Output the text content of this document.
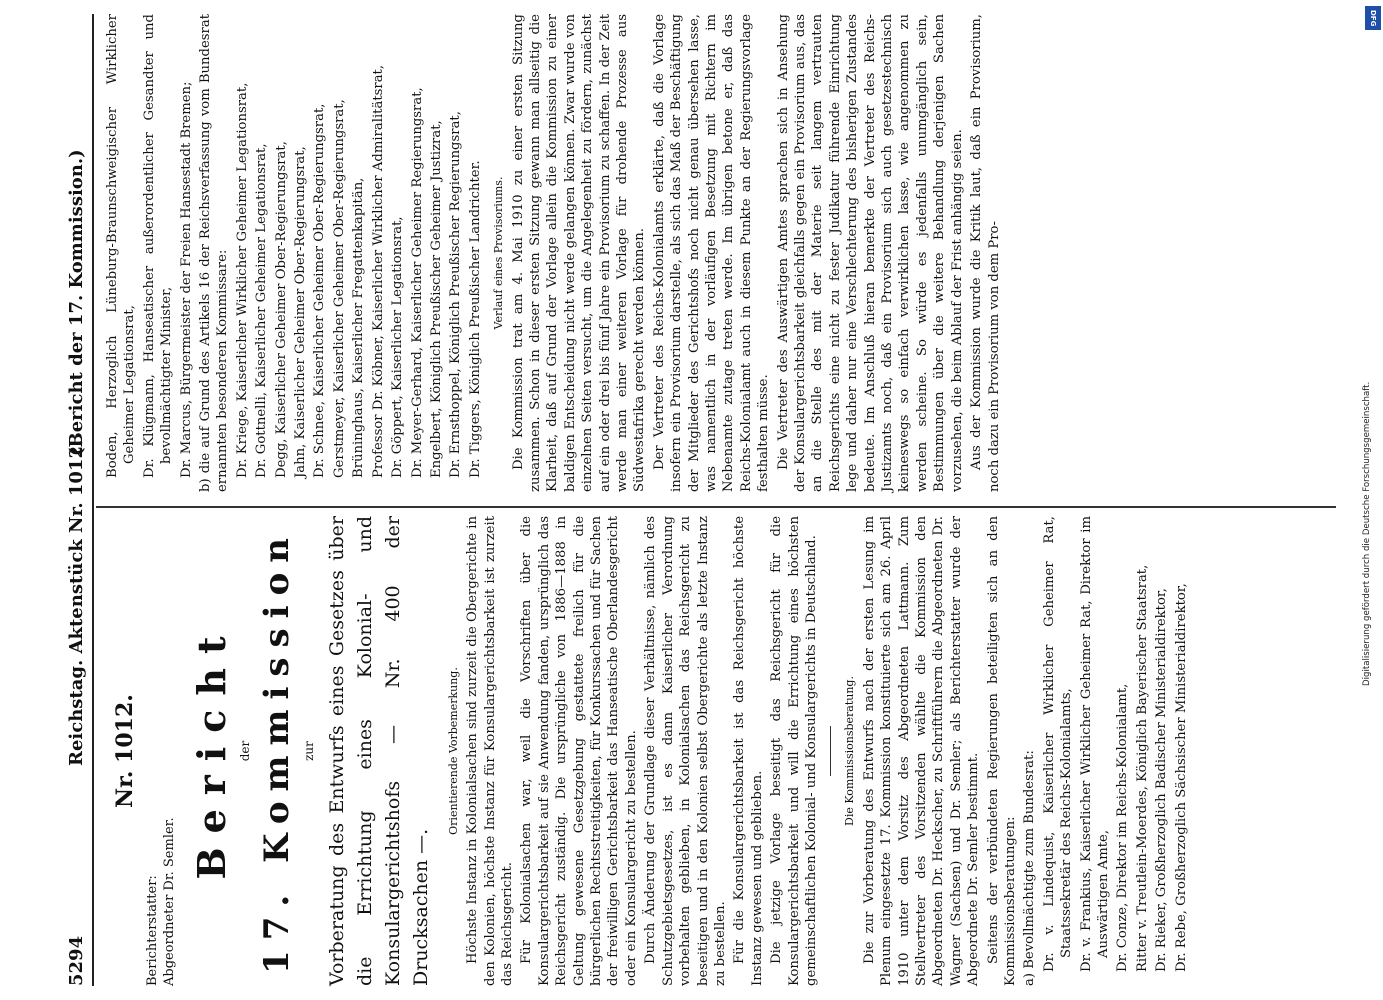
5294
Reichstag. Aktenstück Nr. 1012.
(Bericht der 17. Kommission.)
Nr. 1012.
Berichterstatter: Abgeordneter Dr. Semler.
Bericht der 17. Kommission zur Vorberatung des Entwurfs eines Gesetzes über die Errichtung eines Kolonial- und Konsulargerichtshofs — Nr. 400 der Drucksachen —.
Orientierende Vorbemerkung. Höchste Instanz in Kolonialsachen sind zurzeit die Obergerichte in den Kolonien, höchste Instanz für Konsulargerichtsbarkeit ist zurzeit das Reichsgericht. Für Kolonialsachen war, weil die Vorschriften über die Konsulargerichtsbarkeit auf sie Anwendung fanden, ursprünglich das Reichsgericht zuständig. Die ursprüngliche von 1886—1888 in Geltung gewesene Gesetzgebung gestattete freilich für die bürgerlichen Rechtsstreitigkeiten, für Konkurssachen und für Sachen der freiwilligen Gerichtsbarkeit das Hanseatische Oberlandesgericht oder ein Konsulargericht zu bestellen. Durch Änderung der Grundlage dieser Verhältnisse, nämlich des Schutzgebietsgesetzes, ist es dann Kaiserlicher Verordnung vorbehalten geblieben, in Kolonialsachen das Reichsgericht zu beseitigen und in den Kolonien selbst Obergerichte als letzte Instanz zu bestellen. Für die Konsulargerichtsbarkeit ist das Reichsgericht höchste Instanz gewesen und geblieben. Die jetzige Vorlage beseitigt das Reichsgericht für die Konsulargerichtsbarkeit und will die Errichtung eines höchsten gemeinschaftlichen Kolonial- und Konsulargerichts in Deutschland. Die Kommissionsberatung. Die zur Vorberatung des Entwurfs nach der ersten Lesung im Plenum eingesetzte 17. Kommission konstituierte sich am 26. April 1910 unter dem Vorsitz des Abgeordneten Lattmann. Zum Stellvertreter des Vorsitzenden wählte die Kommission den Abgeordneten Dr. Heckscher, zu Schriftführern die Abgeordneten Dr. Wagner (Sachsen) und Dr. Semler; als Berichterstatter wurde der Abgeordnete Dr. Semler bestimmt. Seitens der verbündeten Regierungen beteiligten sich an den Kommissionsberatungen: a) Bevollmächtigte zum Bundesrat: Dr. v. Lindequist, Kaiserlicher Wirklicher Geheimer Rat, Staatssekretär des Reichs-Kolonialamts, Dr. v. Frankius, Kaiserlicher Wirklicher Geheimer Rat, Direktor im Auswärtigen Amte, Dr. Conze, Direktor im Reichs-Kolonialamt, Ritter v. Treutlein-Moerdes, Königlich Bayerischer Staatsrat, Dr. Rieker, Großherzoglich Badischer Ministerialdirektor, Dr. Rebe, Großherzoglich Sächsischer Ministerialdirektor,

Boden, Herzoglich Lüneburg-Braunschweigischer Wirklicher Geheimer Legationsrat, Dr. Klügmann, Hanseatischer außerordentlicher Gesandter und bevollmächtigter Minister, Dr. Marcus, Bürgermeister der Freien Hansestadt Bremen; b) die auf Grund des Artikels 16 der Reichsverfassung vom Bundesrat ernannten besonderen Kommissare: Dr. Kriege, Kaiserlicher Wirklicher Geheimer Legationsrat, Dr. Gottnelli, Kaiserlicher Geheimer Legationsrat, Degg, Kaiserlicher Geheimer Ober-Regierungsrat, Jahn, Kaiserlicher Geheimer Ober-Regierungsrat, Dr. Schnee, Kaiserlicher Geheimer Ober-Regierungsrat, Gerstmeyer, Kaiserlicher Geheimer Ober-Regierungsrat, Brüninghaus, Kaiserlicher Fregattenkapitän, Professor Dr. Köbner, Kaiserlicher Wirklicher Admiralitätsrat, Dr. Göppert, Kaiserlicher Legationsrat, Dr. Meyer-Gerhard, Kaiserlicher Geheimer Regierungsrat, Engelbert, Königlich Preußischer Geheimer Justizrat, Dr. Ernsthoppel, Königlich Preußischer Regierungsrat, Dr. Tiggers, Königlich Preußischer Landrichter. Verlauf eines Provisoriums. Die Kommission trat am 4. Mai 1910 zu einer ersten Sitzung zusammen. Schon in dieser ersten Sitzung gewann man allseitig die Klarheit, daß auf Grund der Vorlage allein die Kommission zu einer baldigen Entscheidung nicht werde gelangen können. Zwar wurde von einzelnen Seiten versucht, um die Angelegenheit zu fördern, zunächst auf ein oder drei bis fünf Jahre ein Provisorium zu schaffen. In der Zeit werde man einer weiteren Vorlage für drohende Prozesse aus Südwestafrika gerecht werden können. Der Vertreter des Reichs-Kolonialamts erklärte, daß die Vorlage insofern ein Provisorium darstelle, als sich das Maß der Beschäftigung der Mitglieder des Gerichtshofs noch nicht genau übersehen lasse, was namentlich in der vorläufigen Besetzung mit Richtern im Nebenamte zutage treten werde. Im übrigen betone er, daß das Reichs-Kolonialamt auch in diesem Punkte an der Regierungsvorlage festhalten müsse. Die Vertreter des Auswärtigen Amtes sprachen sich in Ansehung der Konsulargerichtsbarkeit gleichfalls gegen ein Provisorium aus, das an die Stelle des mit der Materie seit langem vertrauten Reichsgerichts eine nicht zu fester Judikatur führende Einrichtung lege und daher nur eine Verschlechterung des bisherigen Zustandes bedeute. Im Anschluß hieran bemerkte der Vertreter des Reichs-Justizamts noch, daß ein Provisorium sich auch gesetzestechnisch keineswegs so einfach verwirklichen lasse, wie angenommen zu werden scheine. So würde es jedenfalls unumgänglich sein, Bestimmungen über die weitere Behandlung derjenigen Sachen vorzusehen, die beim Ablauf der Frist anhängig seien. Aus der Kommission wurde die Kritik laut, daß ein Provisorium, noch dazu ein Provisorium von dem Pro-

DFG
Digitalisierung gefördert durch die Deutsche Forschungsgemeinschaft.
